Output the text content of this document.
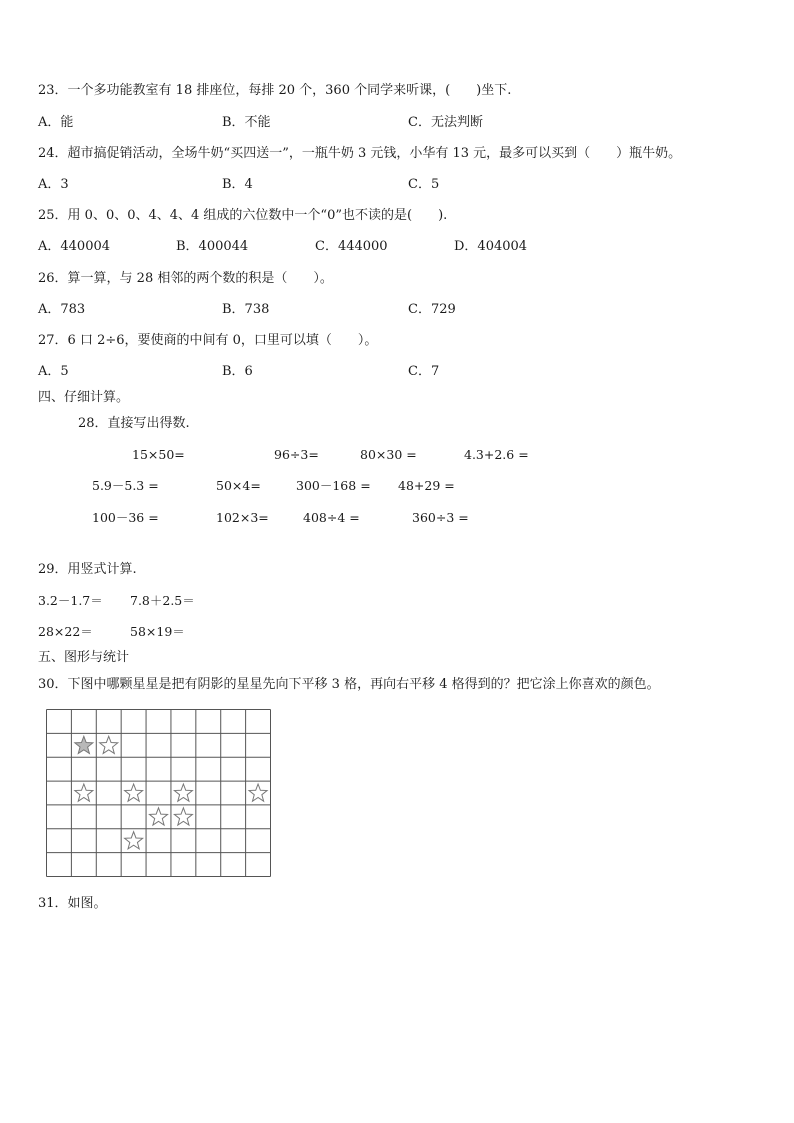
23．一个多功能教室有 18 排座位，每排 20 个，360 个同学来听课，(　　)坐下.
A．能	B．不能	C．无法判断
24．超市搞促销活动，全场牛奶“买四送一”，一瓶牛奶 3 元钱，小华有 13 元，最多可以买到（　　）瓶牛奶。
A．3	B．4	C．5
25．用 0、0、0、4、4、4 组成的六位数中一个“0”也不读的是(　　).
A．440004	B．400044	C．444000	D．404004
26．算一算，与 28 相邻的两个数的积是（　　）。
A．783	B．738	C．729
27．6 口 2÷6，要使商的中间有 0，口里可以填（　　）。
A．5	B．6	C．7
四、仔细计算。
28．直接写出得数.
15×50=	96÷3=	80×30 =	4.3+2.6 =
5.9－5.3 =	50×4=	300－168 = 48+29 =
100－36 =	102×3=	408÷4 =	360÷3 =
29．用竖式计算.
3.2－1.7＝ 7.8＋2.5＝
28×22＝	58×19＝
五、图形与统计
30．下图中哪颗星星是把有阴影的星星先向下平移 3 格，再向右平移 4 格得到的？把它涂上你喜欢的颜色。
31．如图。
